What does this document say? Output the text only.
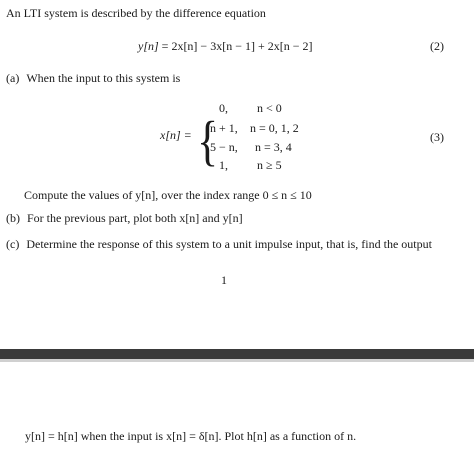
An LTI system is described by the difference equation
y[n] = 2x[n] − 3x[n − 1] + 2x[n − 2]	(2)
(a) When the input to this system is
x[n] = {
0, n < 0
n + 1, n = 0, 1, 2
5 − n, n = 3, 4
1, n ≥ 5
(3)
Compute the values of y[n], over the index range 0 ≤ n ≤ 10
(b) For the previous part, plot both x[n] and y[n]
(c) Determine the response of this system to a unit impulse input, that is, find the output
1
y[n] = h[n] when the input is x[n] = δ[n]. Plot h[n] as a function of n.
